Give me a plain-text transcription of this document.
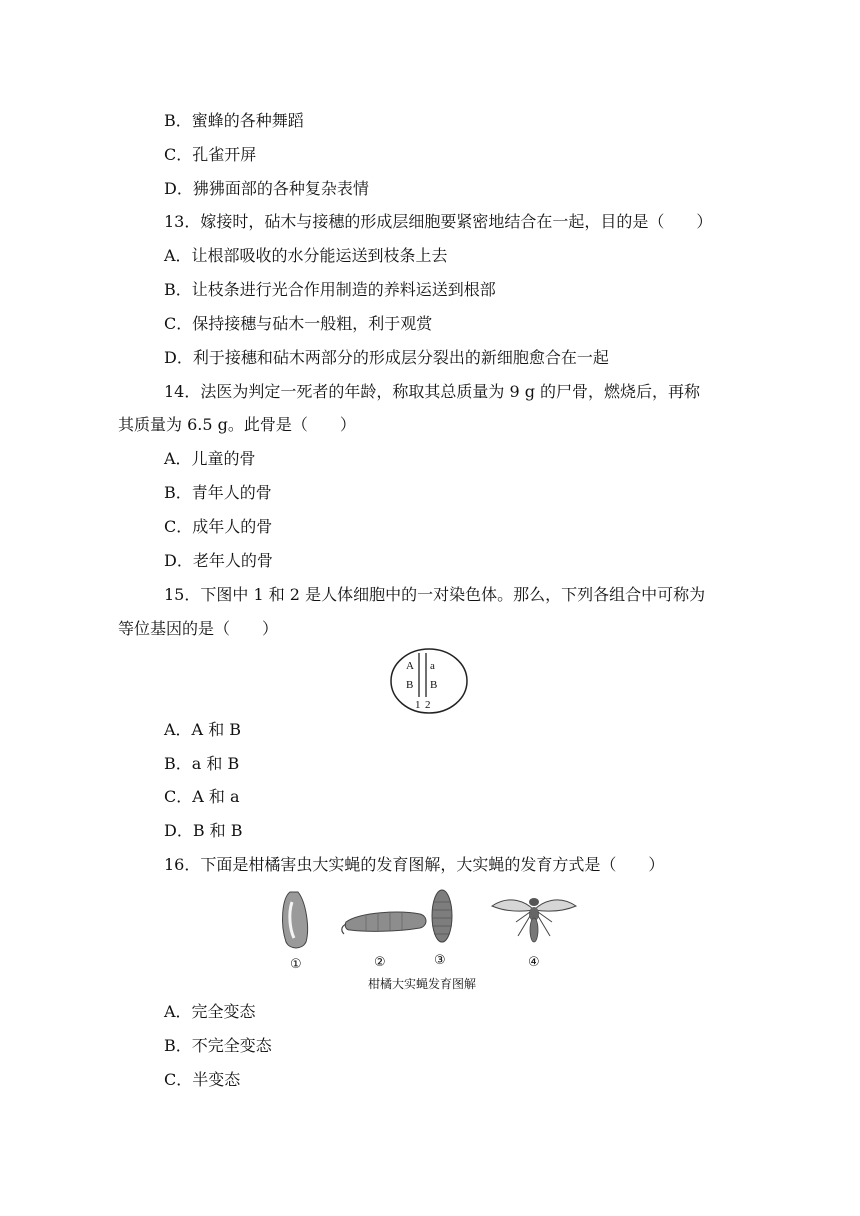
B．蜜蜂的各种舞蹈
C．孔雀开屏
D．狒狒面部的各种复杂表情
13．嫁接时，砧木与接穗的形成层细胞要紧密地结合在一起，目的是（　　）
A．让根部吸收的水分能运送到枝条上去
B．让枝条进行光合作用制造的养料运送到根部
C．保持接穗与砧木一般粗，利于观赏
D．利于接穗和砧木两部分的形成层分裂出的新细胞愈合在一起
14．法医为判定一死者的年龄，称取其总质量为 9 g 的尸骨，燃烧后，再称
其质量为 6.5 g。此骨是（　　）
A．儿童的骨
B．青年人的骨
C．成年人的骨
D．老年人的骨
15．下图中 1 和 2 是人体细胞中的一对染色体。那么，下列各组合中可称为
等位基因的是（　　）
A
B
a
B
1 2
A．A 和 B
B．a 和 B
C．A 和 a
D．B 和 B
16．下面是柑橘害虫大实蝇的发育图解，大实蝇的发育方式是（　　）
①	②	③	④
柑橘大实蝇发育图解
A．完全变态
B．不完全变态
C．半变态
